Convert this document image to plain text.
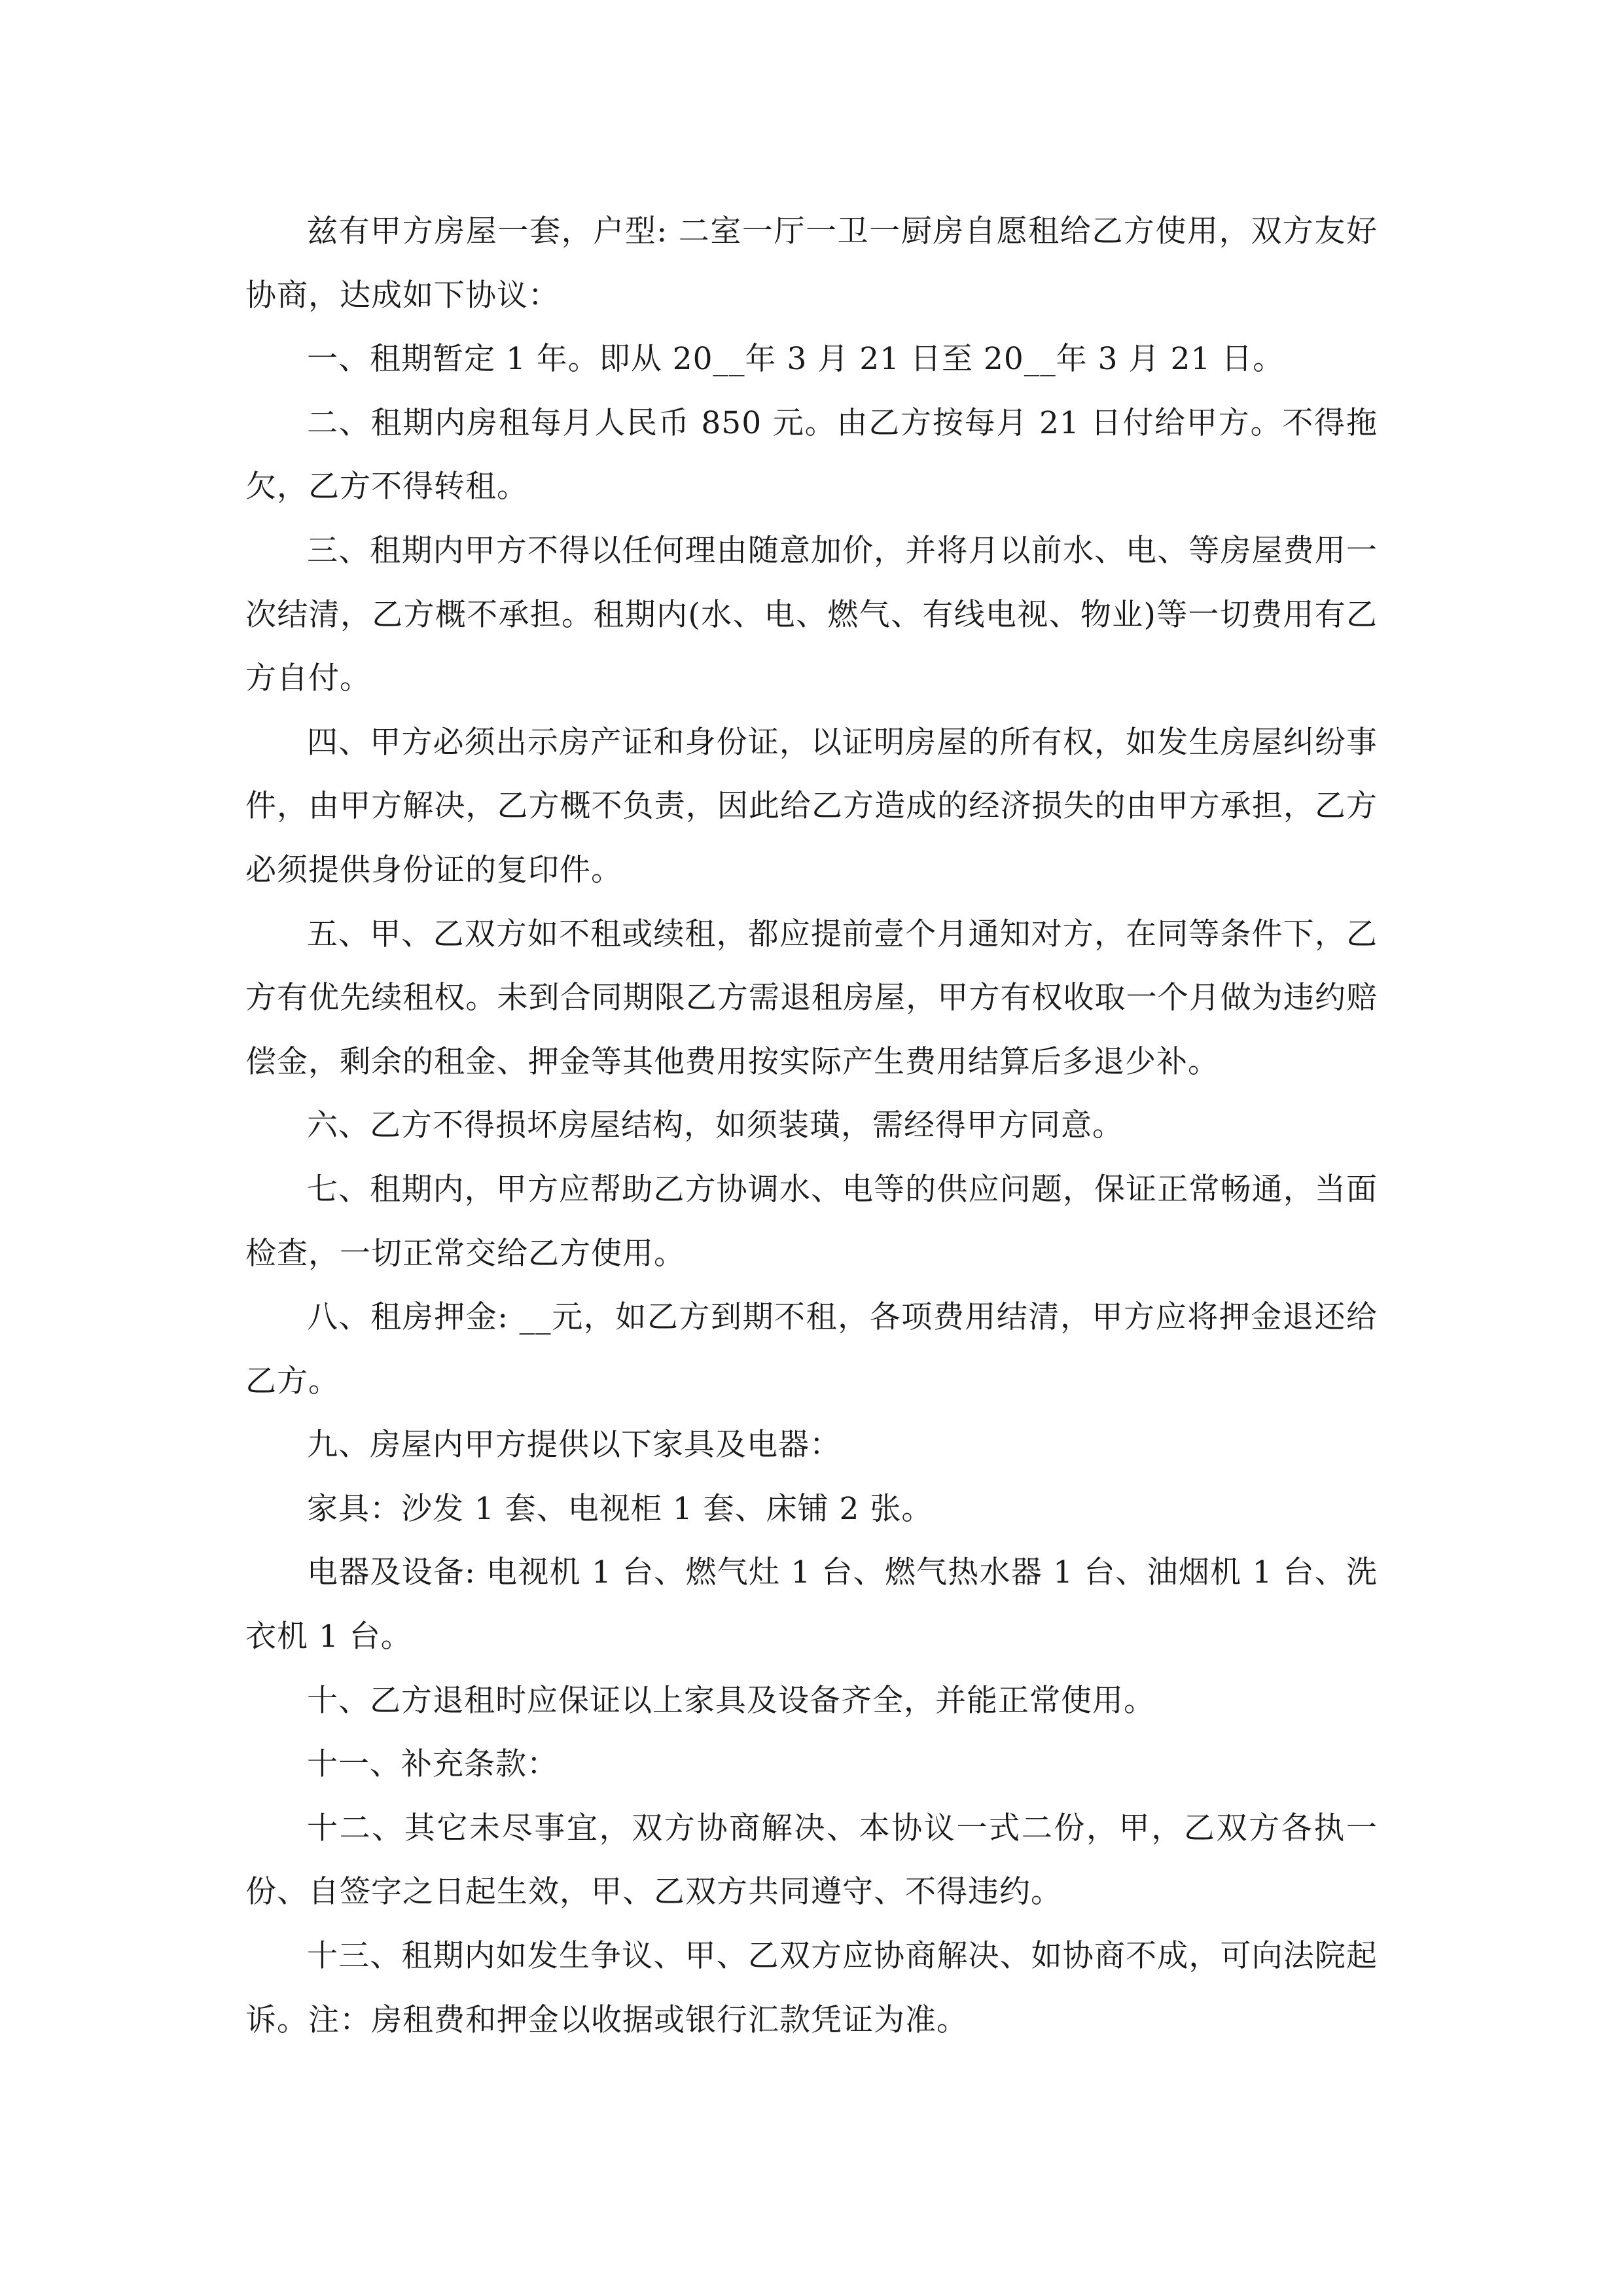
兹有甲方房屋一套，户型: 二室一厅一卫一厨房自愿租给乙方使用，双方友好协商，达成如下协议：

一、租期暂定 1 年。即从 20__年 3 月 21 日至 20__年 3 月 21 日。

二、租期内房租每月人民币 850 元。由乙方按每月 21 日付给甲方。不得拖欠，乙方不得转租。

三、租期内甲方不得以任何理由随意加价，并将月以前水、电、等房屋费用一次结清，乙方概不承担。租期内(水、电、燃气、有线电视、物业)等一切费用有乙方自付。

四、甲方必须出示房产证和身份证，以证明房屋的所有权，如发生房屋纠纷事件，由甲方解决，乙方概不负责，因此给乙方造成的经济损失的由甲方承担，乙方必须提供身份证的复印件。

五、甲、乙双方如不租或续租，都应提前壹个月通知对方，在同等条件下，乙方有优先续租权。未到合同期限乙方需退租房屋，甲方有权收取一个月做为违约赔偿金，剩余的租金、押金等其他费用按实际产生费用结算后多退少补。

六、乙方不得损坏房屋结构，如须装璜，需经得甲方同意。

七、租期内，甲方应帮助乙方协调水、电等的供应问题，保证正常畅通，当面检查，一切正常交给乙方使用。

八、租房押金: __元，如乙方到期不租，各项费用结清，甲方应将押金退还给乙方。

九、房屋内甲方提供以下家具及电器：

家具：沙发 1 套、电视柜 1 套、床铺 2 张。

电器及设备: 电视机 1 台、燃气灶 1 台、燃气热水器 1 台、油烟机 1 台、洗衣机 1 台。

十、乙方退租时应保证以上家具及设备齐全，并能正常使用。

十一、补充条款：

十二、其它未尽事宜，双方协商解决、本协议一式二份，甲，乙双方各执一份、自签字之日起生效，甲、乙双方共同遵守、不得违约。

十三、租期内如发生争议、甲、乙双方应协商解决、如协商不成，可向法院起诉。注：房租费和押金以收据或银行汇款凭证为准。
